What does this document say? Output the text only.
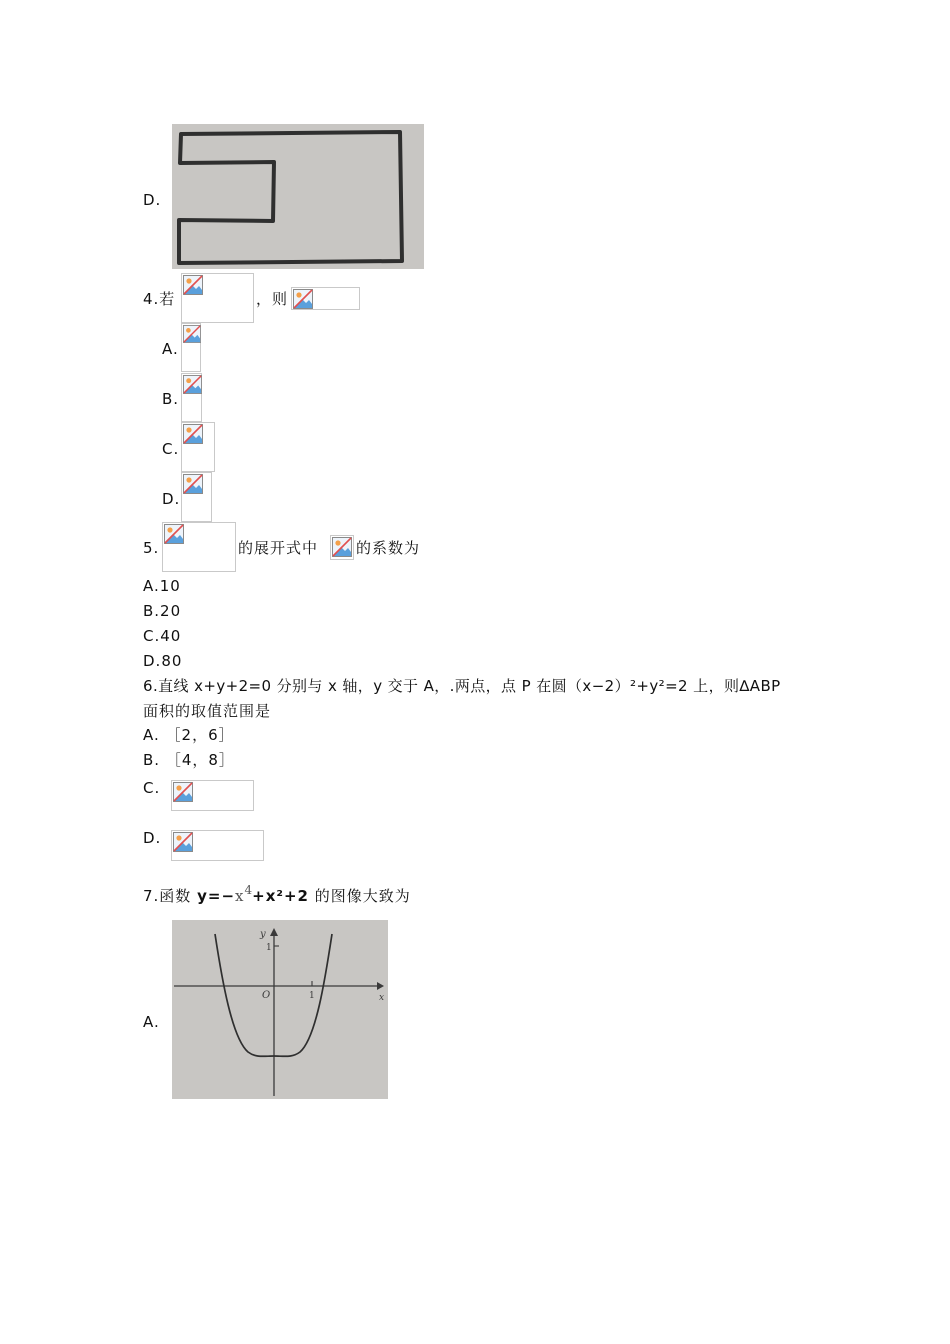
D.
4.若	，则
A.
B.
C.
D.
5.	的展开式中	的系数为
A.10
B.20
C.40
D.80
6.直线 x+y+2=0 分别与 x 轴，y 交于 A，.两点，点 P 在圆（x−2）²+y²=2 上，则∆ABP
面积的取值范围是
A. ［2，6］
B. ［4，8］
C.
D.
7.函数 $y=-x^4+x^2+2$ 的图像大致为
A.
y
1
x
O	1
